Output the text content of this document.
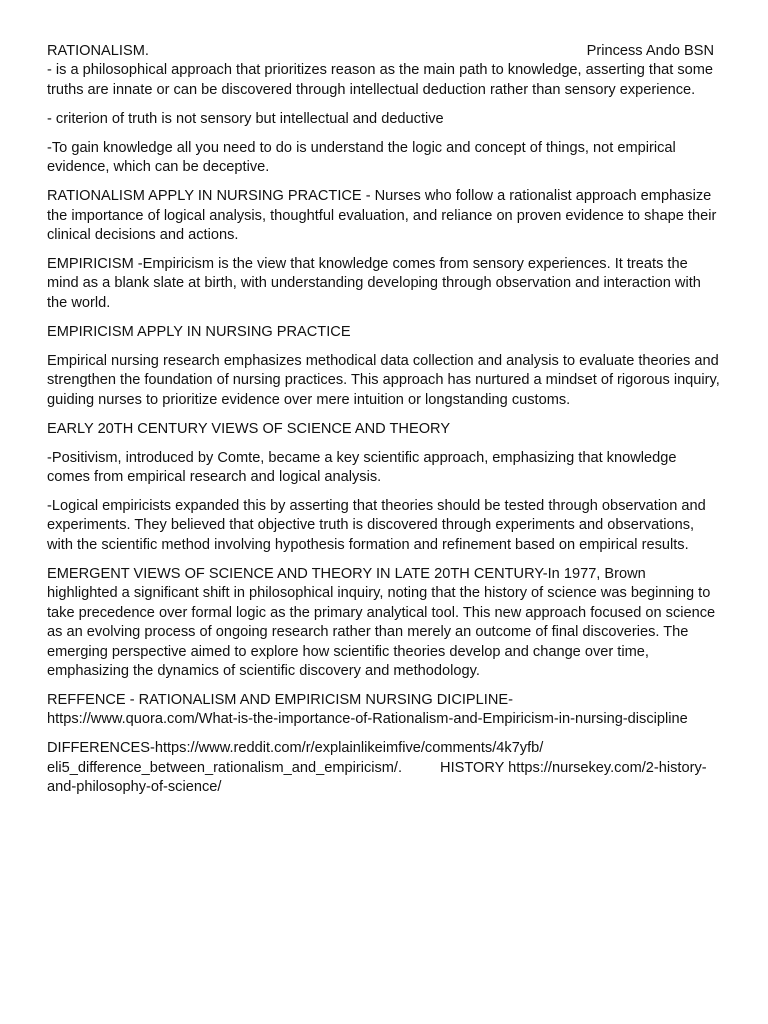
RATIONALISM.	Princess Ando BSN

- is a philosophical approach that prioritizes reason as the main path to knowledge, asserting that some truths are innate or can be discovered through intellectual deduction rather than sensory experience.

- criterion of truth is not sensory but intellectual and deductive

-To gain knowledge all you need to do is understand the logic and concept of things, not empirical evidence, which can be deceptive.

RATIONALISM APPLY IN NURSING PRACTICE - Nurses who follow a rationalist approach emphasize the importance of logical analysis, thoughtful evaluation, and reliance on proven evidence to shape their clinical decisions and actions.

EMPIRICISM -Empiricism is the view that knowledge comes from sensory experiences. It treats the mind as a blank slate at birth, with understanding developing through observation and interaction with the world.

EMPIRICISM APPLY IN NURSING PRACTICE

Empirical nursing research emphasizes methodical data collection and analysis to evaluate theories and strengthen the foundation of nursing practices. This approach has nurtured a mindset of rigorous inquiry, guiding nurses to prioritize evidence over mere intuition or longstanding customs.

EARLY 20TH CENTURY VIEWS OF SCIENCE AND THEORY

-Positivism, introduced by Comte, became a key scientific approach, emphasizing that knowledge comes from empirical research and logical analysis.

-Logical empiricists expanded this by asserting that theories should be tested through observation and experiments. They believed that objective truth is discovered through experiments and observations, with the scientific method involving hypothesis formation and refinement based on empirical results.

EMERGENT VIEWS OF SCIENCE AND THEORY IN LATE 20TH CENTURY-In 1977, Brown highlighted a significant shift in philosophical inquiry, noting that the history of science was beginning to take precedence over formal logic as the primary analytical tool. This new approach focused on science as an evolving process of ongoing research rather than merely an outcome of final discoveries. The emerging perspective aimed to explore how scientific theories develop and change over time, emphasizing the dynamics of scientific discovery and methodology.

REFFENCE - RATIONALISM AND EMPIRICISM NURSING DICIPLINE-

https://www.quora.com/What-is-the-importance-of-Rationalism-and-Empiricism-in-nursing-discipline

DIFFERENCES-https://www.reddit.com/r/explainlikeimfive/comments/4k7yfb/

eli5_difference_between_rationalism_and_empiricism/.	HISTORY https://nursekey.com/2-history-and-philosophy-of-science/
